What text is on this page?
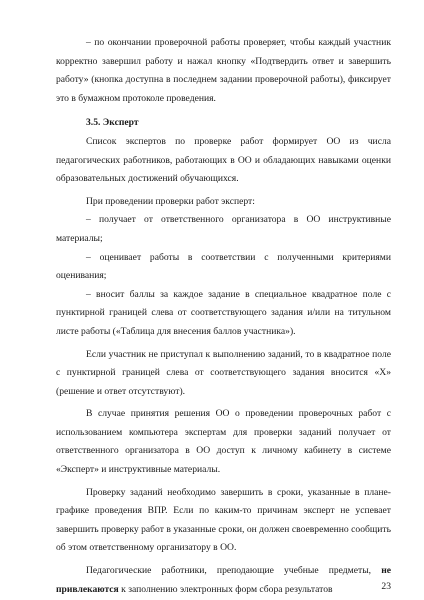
– по окончании проверочной работы проверяет, чтобы каждый участник корректно завершил работу и нажал кнопку «Подтвердить ответ и завершить работу» (кнопка доступна в последнем задании проверочной работы), фиксирует это в бумажном протоколе проведения.

3.5. Эксперт

Список экспертов по проверке работ формирует ОО из числа педагогических работников, работающих в ОО и обладающих навыками оценки образовательных достижений обучающихся.

При проведении проверки работ эксперт:

– получает от ответственного организатора в ОО инструктивные материалы;

– оценивает работы в соответствии с полученными критериями оценивания;

– вносит баллы за каждое задание в специальное квадратное поле с пунктирной границей слева от соответствующего задания и/или на титульном листе работы («Таблица для внесения баллов участника»).

Если участник не приступал к выполнению заданий, то в квадратное поле с пунктирной границей слева от соответствующего задания вносится «Х» (решение и ответ отсутствуют).

В случае принятия решения ОО о проведении проверочных работ с использованием компьютера экспертам для проверки заданий получает от ответственного организатора в ОО доступ к личному кабинету в системе «Эксперт» и инструктивные материалы.

Проверку заданий необходимо завершить в сроки, указанные в плане-графике проведения ВПР. Если по каким-то причинам эксперт не успевает завершить проверку работ в указанные сроки, он должен своевременно сообщить об этом ответственному организатору в ОО.

Педагогические работники, преподающие учебные предметы, не привлекаются к заполнению электронных форм сбора результатов	23
